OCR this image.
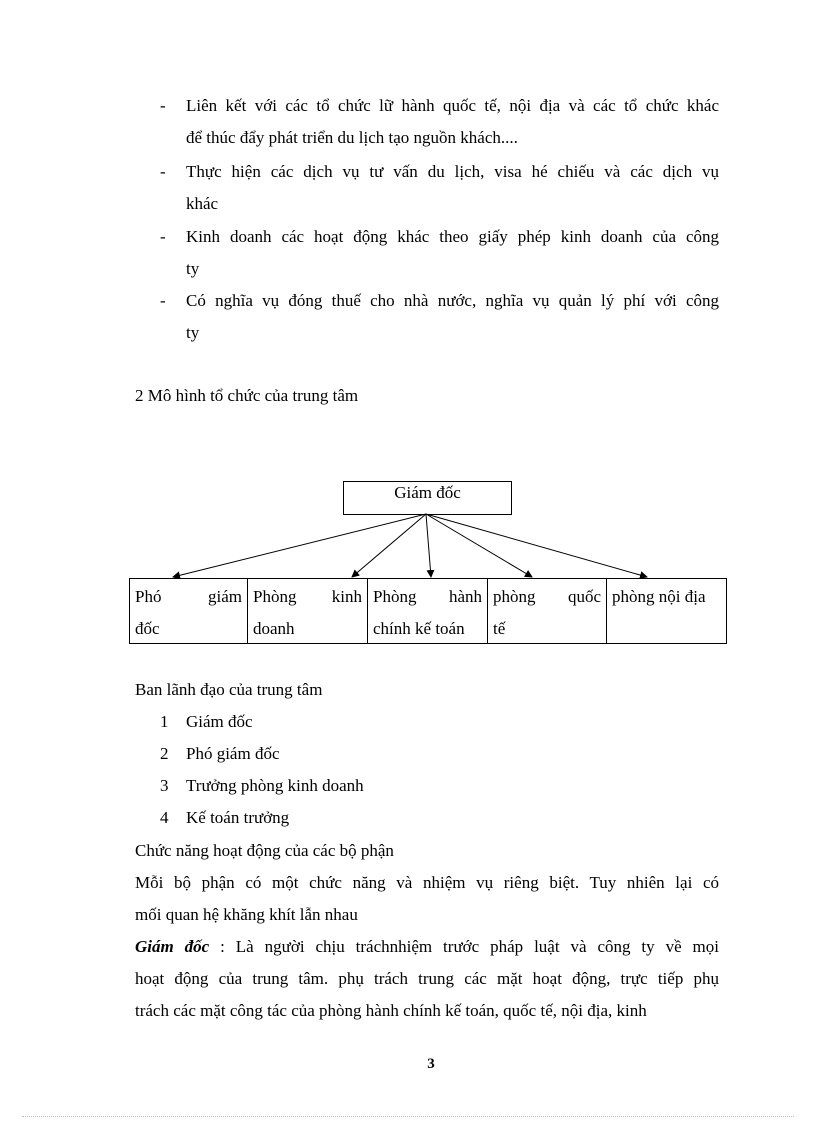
- Liên kết với các tổ chức lữ hành quốc tế, nội địa và các tổ chức khác
để thúc đẩy phát triển du lịch tạo nguồn khách....
- Thực hiện các dịch vụ tư vấn du lịch, visa hé chiếu và các dịch vụ
khác
- Kinh doanh các hoạt động khác theo giấy phép kinh doanh của công
ty
- Có nghĩa vụ đóng thuế cho nhà nước, nghĩa vụ quản lý phí với công
ty
2 Mô hình tổ chức của trung tâm
Giám đốc
Phó giám
đốc
Phòng kinh
doanh
Phòng hành
chính kế toán
phòng quốc
tế
phòng nội địa
Ban lãnh đạo của trung tâm
1 Giám đốc
2 Phó giám đốc
3 Trưởng phòng kinh doanh
4 Kế toán trưởng
Chức năng hoạt động của các bộ phận
Mỗi bộ phận có một chức năng và nhiệm vụ riêng biệt. Tuy nhiên lại có
mối quan hệ khăng khít lẫn nhau
Giám đốc : Là người chịu tráchnhiệm trước pháp luật và công ty về mọi
hoạt động của trung tâm. phụ trách trung các mặt hoạt động, trực tiếp phụ
trách các mặt công tác của phòng hành chính kế toán, quốc tế, nội địa, kinh
3
